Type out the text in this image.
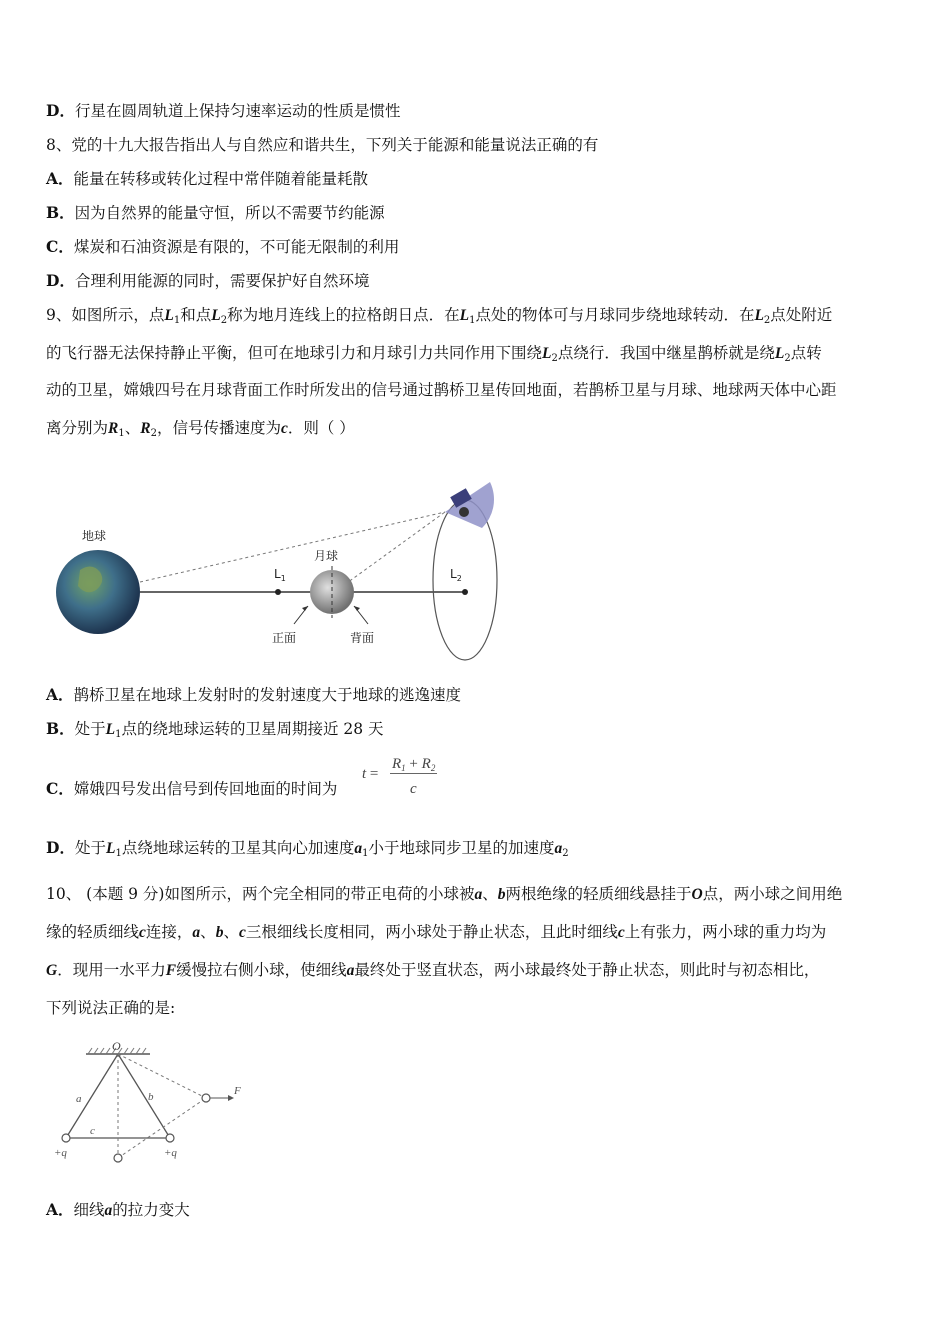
D．行星在圆周轨道上保持匀速率运动的性质是惯性
8、党的十九大报告指出人与自然应和谐共生，下列关于能源和能量说法正确的有
A．能量在转移或转化过程中常伴随着能量耗散
B．因为自然界的能量守恒，所以不需要节约能源
C．煤炭和石油资源是有限的，不可能无限制的利用
D．合理利用能源的同时，需要保护好自然环境
9、如图所示，点$L_1$和点$L_2$称为地月连线上的拉格朗日点．在$L_1$点处的物体可与月球同步绕地球转动．在$L_2$点处附近
的飞行器无法保持静止平衡，但可在地球引力和月球引力共同作用下围绕$L_2$点绕行．我国中继星鹊桥就是绕$L_2$点转
动的卫星，嫦娥四号在月球背面工作时所发出的信号通过鹊桥卫星传回地面，若鹊桥卫星与月球、地球两天体中心距
离分别为$R_1$、$R_2$，信号传播速度为c．则（ ）
地球
$L_1$
月球
正面	背面
$L_2$
A．鹊桥卫星在地球上发射时的发射速度大于地球的逃逸速度
B．处于$L_1$点的绕地球运转的卫星周期接近 28 天
C．嫦娥四号发出信号到传回地面的时间为
t =
$R_1 + R_2$
c
D．处于$L_1$点绕地球运转的卫星其向心加速度$a_1$小于地球同步卫星的加速度$a_2$
10、 (本题 9 分)如图所示，两个完全相同的带正电荷的小球被a、b两根绝缘的轻质细线悬挂于O点，两小球之间用绝
缘的轻质细线c连接，a、b、c三根细线长度相同，两小球处于静止状态，且此时细线c上有张力，两小球的重力均为
G．现用一水平力F缓慢拉右侧小球，使细线a最终处于竖直状态，两小球最终处于静止状态，则此时与初态相比，
下列说法正确的是:
O
a	b
c
F
+q	+q
A．细线a的拉力变大
